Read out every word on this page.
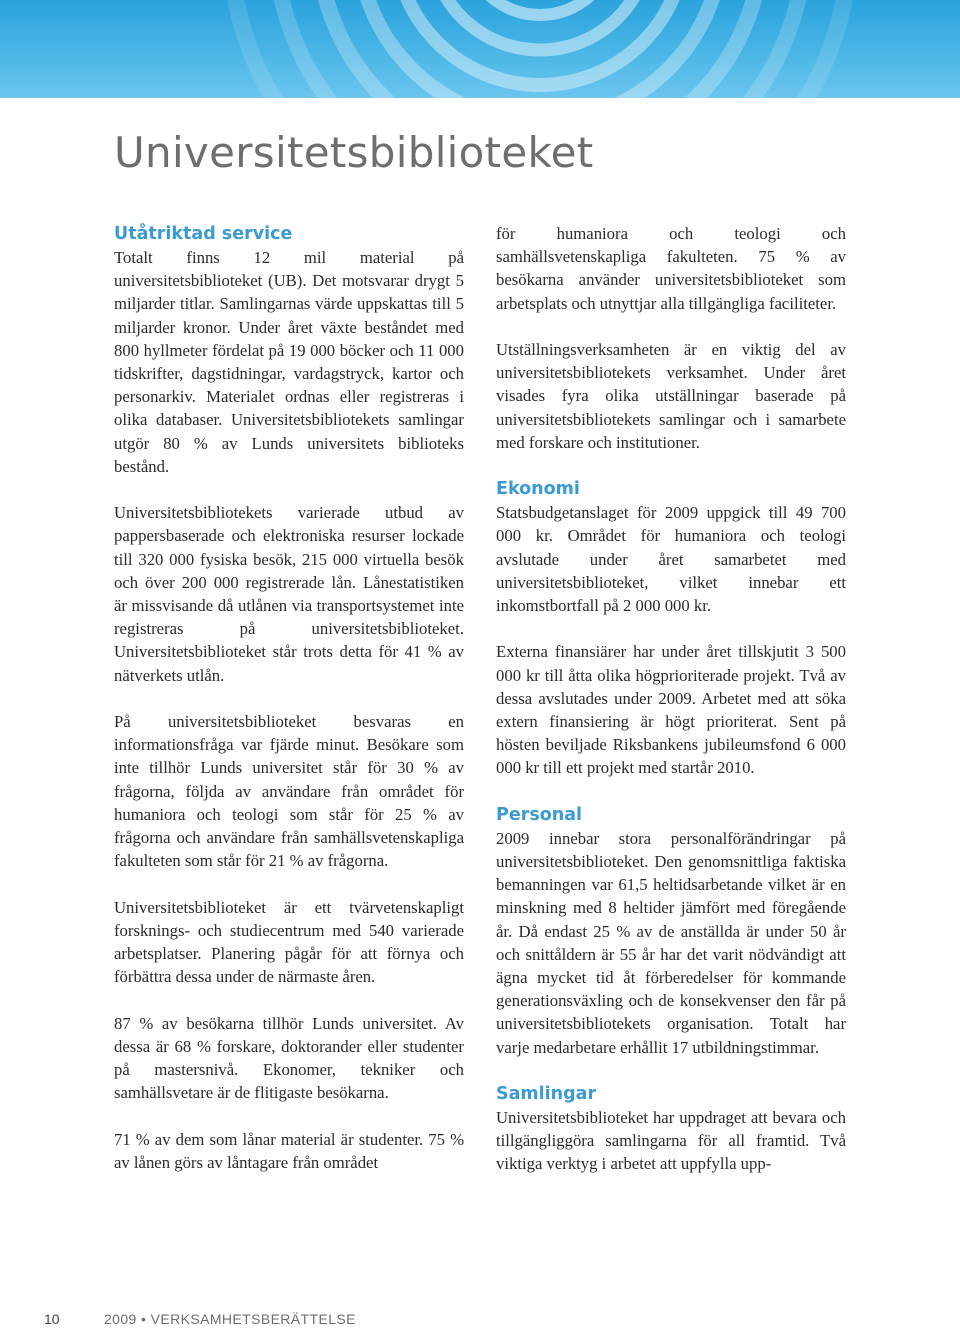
Universitetsbiblioteket
Utåtriktad service

Totalt finns 12 mil material på universitetsbiblioteket (UB). Det motsvarar drygt 5 miljarder titlar. Samlingarnas värde uppskattas till 5 miljarder kronor. Under året växte beståndet med 800 hyllmeter fördelat på 19 000 böcker och 11 000 tidskrifter, dagstidningar, vardagstryck, kartor och personarkiv. Materialet ordnas eller registreras i olika databaser. Universitetsbibliotekets samlingar utgör 80 % av Lunds universitets biblioteks bestånd.

Universitetsbibliotekets varierade utbud av pappersbaserade och elektroniska resurser lockade till 320 000 fysiska besök, 215 000 virtuella besök och över 200 000 registrerade lån. Lånestatistiken är missvisande då utlånen via transportsystemet inte registreras på universitetsbiblioteket. Universitetsbiblioteket står trots detta för 41 % av nätverkets utlån.

På universitetsbiblioteket besvaras en informationsfråga var fjärde minut. Besökare som inte tillhör Lunds universitet står för 30 % av frågorna, följda av användare från området för humaniora och teologi som står för 25 % av frågorna och användare från samhällsvetenskapliga fakulteten som står för 21 % av frågorna.

Universitetsbiblioteket är ett tvärvetenskapligt forsknings- och studiecentrum med 540 varierade arbetsplatser. Planering pågår för att förnya och förbättra dessa under de närmaste åren.

87 % av besökarna tillhör Lunds universitet. Av dessa är 68 % forskare, doktorander eller studenter på mastersnivå. Ekonomer, tekniker och samhällsvetare är de flitigaste besökarna.

71 % av dem som lånar material är studenter. 75 % av lånen görs av låntagare från området

för humaniora och teologi och samhällsvetenskapliga fakulteten. 75 % av besökarna använder universitetsbiblioteket som arbetsplats och utnyttjar alla tillgängliga faciliteter.

Utställningsverksamheten är en viktig del av universitetsbibliotekets verksamhet. Under året visades fyra olika utställningar baserade på universitetsbibliotekets samlingar och i samarbete med forskare och institutioner.

Ekonomi

Statsbudgetanslaget för 2009 uppgick till 49 700 000 kr. Området för humaniora och teologi avslutade under året samarbetet med universitetsbiblioteket, vilket innebar ett inkomstbortfall på 2 000 000 kr.

Externa finansiärer har under året tillskjutit 3 500 000 kr till åtta olika högprioriterade projekt. Två av dessa avslutades under 2009. Arbetet med att söka extern finansiering är högt prioriterat. Sent på hösten beviljade Riksbankens jubileumsfond 6 000 000 kr till ett projekt med startår 2010.

Personal

2009 innebar stora personalförändringar på universitetsbiblioteket. Den genomsnittliga faktiska bemanningen var 61,5 heltidsarbetande vilket är en minskning med 8 heltider jämfört med föregående år. Då endast 25 % av de anställda är under 50 år och snittåldern är 55 år har det varit nödvändigt att ägna mycket tid åt förberedelser för kommande generationsväxling och de konsekvenser den får på universitetsbibliotekets organisation. Totalt har varje medarbetare erhållit 17 utbildningstimmar.

Samlingar

Universitetsbiblioteket har uppdraget att bevara och tillgängliggöra samlingarna för all framtid. Två viktiga verktyg i arbetet att uppfylla upp-

10	2009 • VERKSAMHETSBERÄTTELSE
